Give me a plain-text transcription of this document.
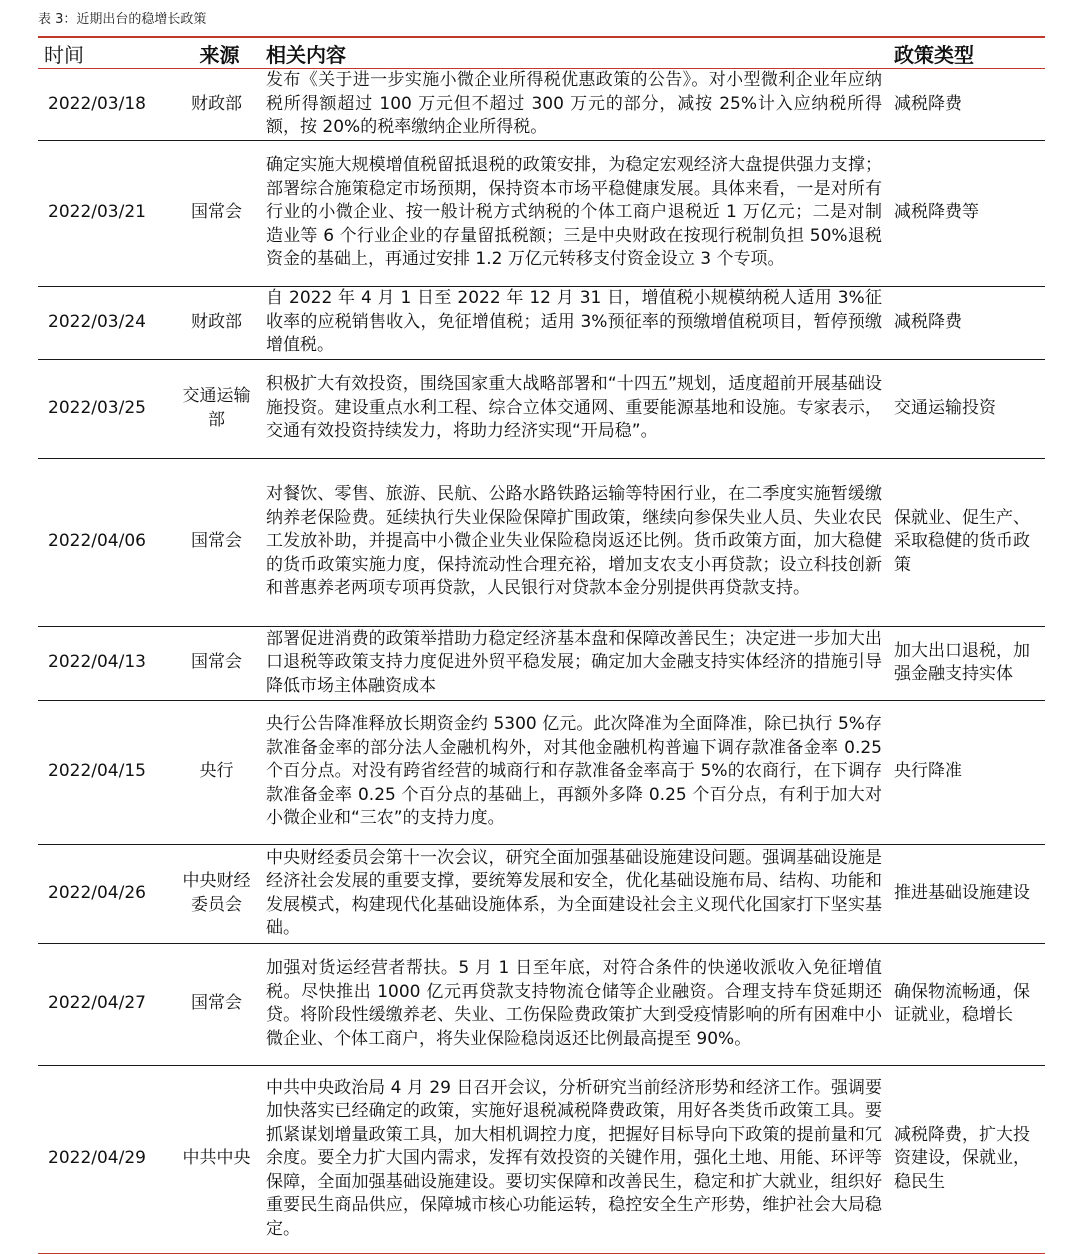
表 3：近期出台的稳增长政策
时间	来源	相关内容	政策类型
2022/03/18	财政部	发布《关于进一步实施小微企业所得税优惠政策的公告》。对小型微利企业年应纳税所得额超过 100 万元但不超过 300 万元的部分，减按 25%计入应纳税所得额，按 20%的税率缴纳企业所得税。	减税降费
2022/03/21	国常会	确定实施大规模增值税留抵退税的政策安排，为稳定宏观经济大盘提供强力支撑；部署综合施策稳定市场预期，保持资本市场平稳健康发展。具体来看，一是对所有行业的小微企业、按一般计税方式纳税的个体工商户退税近 1 万亿元；二是对制造业等 6 个行业企业的存量留抵税额；三是中央财政在按现行税制负担 50%退税资金的基础上，再通过安排 1.2 万亿元转移支付资金设立 3 个专项。	减税降费等
2022/03/24	财政部	自 2022 年 4 月 1 日至 2022 年 12 月 31 日，增值税小规模纳税人适用 3%征收率的应税销售收入，免征增值税；适用 3%预征率的预缴增值税项目，暂停预缴增值税。	减税降费
2022/03/25	交通运输部	积极扩大有效投资，围绕国家重大战略部署和“十四五”规划，适度超前开展基础设施投资。建设重点水利工程、综合立体交通网、重要能源基地和设施。专家表示，交通有效投资持续发力，将助力经济实现“开局稳”。	交通运输投资
2022/04/06	国常会	对餐饮、零售、旅游、民航、公路水路铁路运输等特困行业，在二季度实施暂缓缴纳养老保险费。延续执行失业保险保障扩围政策，继续向参保失业人员、失业农民工发放补助，并提高中小微企业失业保险稳岗返还比例。货币政策方面，加大稳健的货币政策实施力度，保持流动性合理充裕，增加支农支小再贷款；设立科技创新和普惠养老两项专项再贷款，人民银行对贷款本金分别提供再贷款支持。	保就业、促生产、采取稳健的货币政策
2022/04/13	国常会	部署促进消费的政策举措助力稳定经济基本盘和保障改善民生；决定进一步加大出口退税等政策支持力度促进外贸平稳发展；确定加大金融支持实体经济的措施引导降低市场主体融资成本	加大出口退税，加强金融支持实体
2022/04/15	央行	央行公告降准释放长期资金约 5300 亿元。此次降准为全面降准，除已执行 5%存款准备金率的部分法人金融机构外，对其他金融机构普遍下调存款准备金率 0.25 个百分点。对没有跨省经营的城商行和存款准备金率高于 5%的农商行，在下调存款准备金率 0.25 个百分点的基础上，再额外多降 0.25 个百分点，有利于加大对小微企业和“三农”的支持力度。	央行降准
2022/04/26	中央财经委员会	中央财经委员会第十一次会议，研究全面加强基础设施建设问题。强调基础设施是经济社会发展的重要支撑，要统筹发展和安全，优化基础设施布局、结构、功能和发展模式，构建现代化基础设施体系，为全面建设社会主义现代化国家打下坚实基础。	推进基础设施建设
2022/04/27	国常会	加强对货运经营者帮扶。5 月 1 日至年底，对符合条件的快递收派收入免征增值税。尽快推出 1000 亿元再贷款支持物流仓储等企业融资。合理支持车贷延期还贷。将阶段性缓缴养老、失业、工伤保险费政策扩大到受疫情影响的所有困难中小微企业、个体工商户，将失业保险稳岗返还比例最高提至 90%。	确保物流畅通，保证就业，稳增长
2022/04/29	中共中央	中共中央政治局 4 月 29 日召开会议，分析研究当前经济形势和经济工作。强调要加快落实已经确定的政策，实施好退税减税降费政策，用好各类货币政策工具。要抓紧谋划增量政策工具，加大相机调控力度，把握好目标导向下政策的提前量和冗余度。要全力扩大国内需求，发挥有效投资的关键作用，强化土地、用能、环评等保障，全面加强基础设施建设。要切实保障和改善民生，稳定和扩大就业，组织好重要民生商品供应，保障城市核心功能运转，稳控安全生产形势，维护社会大局稳定。	减税降费，扩大投资建设，保就业，稳民生
